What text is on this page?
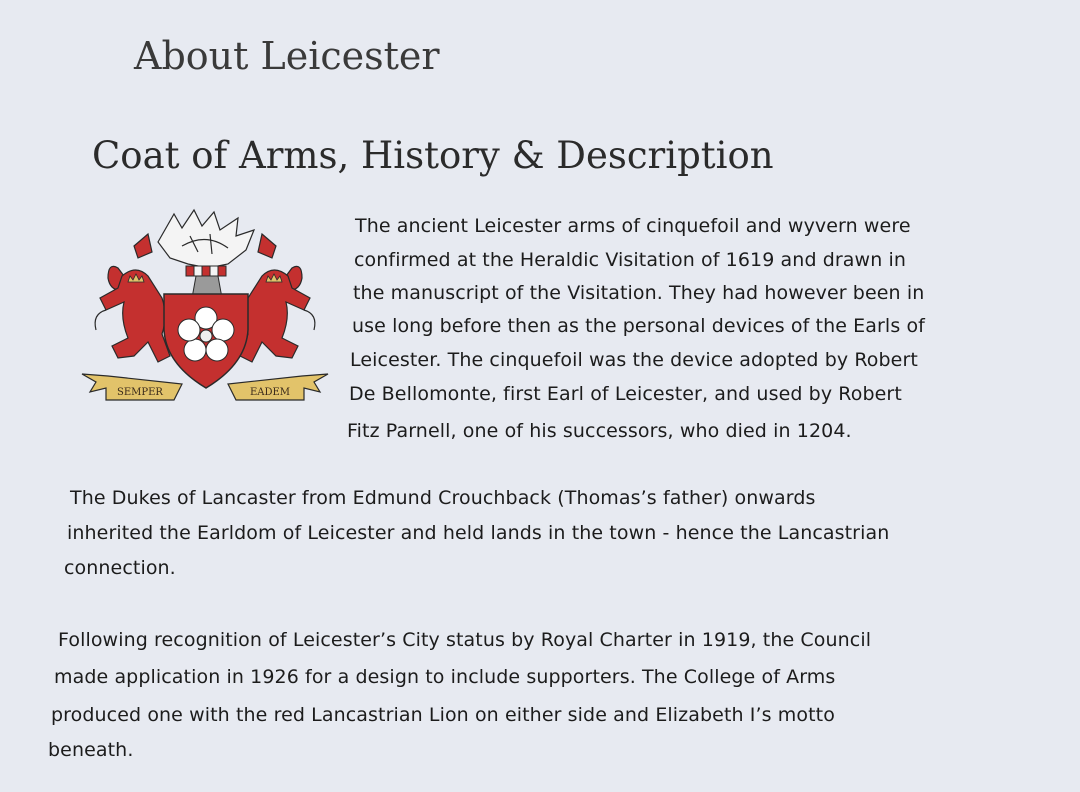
About Leicester
Coat of Arms, History & Description
SEMPER	EADEM

The ancient Leicester arms of cinquefoil and wyvern were

confirmed at the Heraldic Visitation of 1619 and drawn in

the manuscript of the Visitation. They had however been in

use long before then as the personal devices of the Earls of

Leicester. The cinquefoil was the device adopted by Robert

De Bellomonte, first Earl of Leicester, and used by Robert

Fitz Parnell, one of his successors, who died in 1204.

The Dukes of Lancaster from Edmund Crouchback (Thomas’s father) onwards

inherited the Earldom of Leicester and held lands in the town - hence the Lancastrian

connection.

Following recognition of Leicester’s City status by Royal Charter in 1919, the Council

made application in 1926 for a design to include supporters. The College of Arms

produced one with the red Lancastrian Lion on either side and Elizabeth I’s motto

beneath.
